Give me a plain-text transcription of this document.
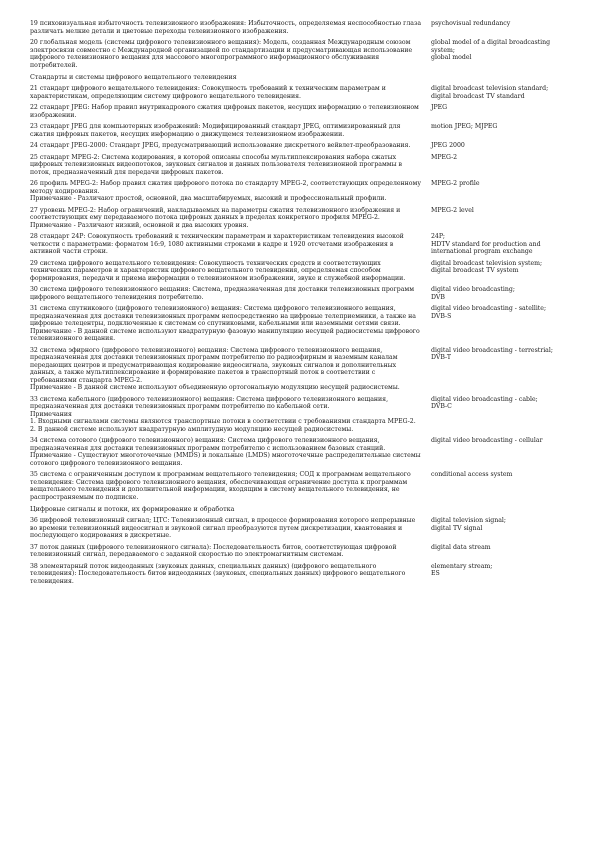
19 психовизуальная избыточность телевизионного изображения: Избыточность, определяемая неспособностью глаза различать мелкие детали и цветовые переходы телевизионного изображения.
psychovisual redundancy
20 глобальная модель (системы цифрового телевизионного вещания): Модель, созданная Международным союзом электросвязи совместно с Международной организацией по стандартизации и предусматривающая использование цифрового телевизионного вещания для массового многопрограммного информационного обслуживания потребителей.
global model of a digital broadcasting system;
global model
Стандарты и системы цифрового вещательного телевидения
21 стандарт цифрового вещательного телевидения: Совокупность требований к техническим параметрам и характеристикам, определяющим систему цифрового вещательного телевидения.
digital broadcast television standard;
digital broadcast TV standard
22 стандарт JPEG: Набор правил внутрикадрового сжатия цифровых пакетов, несущих информацию о телевизионном изображении.
JPEG
23 стандарт JPEG для компьютерных изображений: Модифицированный стандарт JPEG, оптимизированный для сжатия цифровых пакетов, несущих информацию о движущемся телевизионном изображении.
motion JPEG; MJPEG
24 стандарт JPEG-2000: Стандарт JPEG, предусматривающий использование дискретного вейвлет-преобразования.	JPEG 2000
25 стандарт MPEG-2: Система кодирования, в которой описаны способы мультиплексирования набора сжатых цифровых телевизионных видеопотоков, звуковых сигналов и данных пользователя телевизионной программы в поток, предназначенный для передачи цифровых пакетов.
MPEG-2
26 профиль MPEG-2: Набор правил сжатия цифрового потока по стандарту MPEG-2, соответствующих определенному методу кодирования.
Примечание - Различают простой, основной, два масштабируемых, высокий и профессиональный профили.
MPEG-2 profile
27 уровень MPEG-2: Набор ограничений, накладываемых на параметры сжатия телевизионного изображения и соответствующих ему передаваемого потока цифровых данных в пределах конкретного профиля MPEG-2.
Примечание - Различают низкий, основной и два высоких уровня.
MPEG-2 level
28 стандарт 24Р: Совокупность требований к техническим параметрам и характеристикам телевидения высокой четкости с параметрами: форматом 16:9, 1080 активными строками в кадре и 1920 отсчетами изображения в активной части строки.
24P;
HDTV standard for production and international program exchange
29 система цифрового вещательного телевидения: Совокупность технических средств и соответствующих технических параметров и характеристик цифрового вещательного телевидения, определяемая способом формирования, передачи и приема информации о телевизионном изображении, звуке и служебной информации.
digital broadcast television system;
digital broadcast TV system
30 система цифрового телевизионного вещания: Система, предназначенная для доставки телевизионных программ цифрового вещательного телевидения потребителю.
digital video broadcasting;
DVB
31 система спутникового (цифрового телевизионного) вещания: Система цифрового телевизионного вещания, предназначенная для доставки телевизионных программ непосредственно на цифровые телеприемники, а также на цифровые телецентры, подключенные к системам со спутниковыми, кабельными или наземными сетями связи.
Примечание - В данной системе используют квадратурную фазовую манипуляцию несущей радиосистемы цифрового телевизионного вещания.
digital video broadcasting - satellite;
DVB-S
32 система эфирного (цифрового телевизионного) вещания: Система цифрового телевизионного вещания, предназначенная для доставки телевизионных программ потребителю по радиоэфирным и наземным каналам передающих центров и предусматривающая кодирование видеосигнала, звуковых сигналов и дополнительных данных, а также мультиплексирование и формирование пакетов в транспортный поток в соответствии с требованиями стандарта MPEG-2.
Примечание - В данной системе используют объединенную ортогональную модуляцию несущей радиосистемы.
digital video broadcasting - terrestrial;
DVB-T
33 система кабельного (цифрового телевизионного) вещания: Система цифрового телевизионного вещания, предназначенная для доставки телевизионных программ потребителю по кабельной сети.
Примечания
1. Входными сигналами системы являются транспортные потоки в соответствии с требованиями стандарта MPEG-2.
2. В данной системе используют квадратурную амплитудную модуляцию несущей радиосистемы.
digital video broadcasting - cable;
DVB-C
34 система сотового (цифрового телевизионного) вещания: Система цифрового телевизионного вещания, предназначенная для доставки телевизионных программ потребителю с использованием базовых станций.
Примечание - Существуют многоточечные (MMDS) и локальные (LMDS) многоточечные распределительные системы сотового цифрового телевизионного вещания.
digital video broadcasting - cellular
35 система с ограниченным доступом к программам вещательного телевидения; СОД к программам вещательного телевидения: Система цифрового телевизионного вещания, обеспечивающая ограничение доступа к программам вещательного телевидения и дополнительной информации, входящим в систему вещательного телевидения, не распространяемым по подписке.
conditional access system
Цифровые сигналы и потоки, их формирование и обработка
36 цифровой телевизионный сигнал; ЦТС: Телевизионный сигнал, в процессе формирования которого непрерывные во времени телевизионный видеосигнал и звуковой сигнал преобразуются путем дискретизации, квантования и последующего кодирования в дискретные.
digital television signal;
digital TV signal
37 поток данных (цифрового телевизионного сигнала): Последовательность битов, соответствующая цифровой телевизионный сигнал, передаваемого с заданной скоростью по электромагнитным системам.
digital data stream
38 элементарный поток видеоданных (звуковых данных, специальных данных) (цифрового вещательного телевидения): Последовательность битов видеоданных (звуковых, специальных данных) цифрового вещательного телевидения.
elementary stream;
ES
